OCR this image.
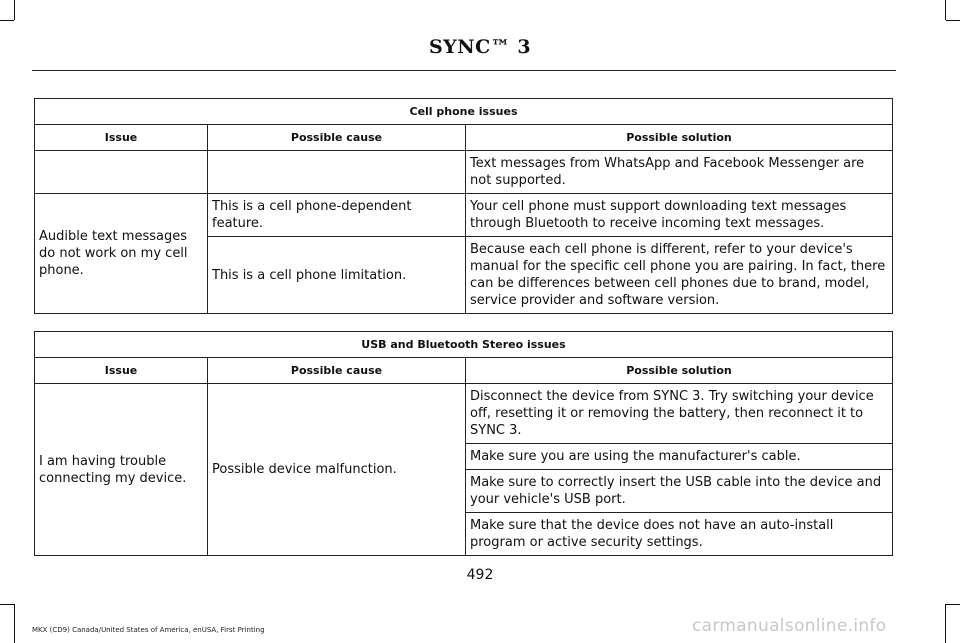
SYNC™ 3
Cell phone issues		
Issue	Possible cause	Possible solution
		Text messages from WhatsApp and Facebook Messenger are not supported.
Audible text messages do not work on my cell phone.	This is a cell phone-dependent feature.	Your cell phone must support downloading text messages through Bluetooth to receive incoming text messages.
	This is a cell phone limitation.	Because each cell phone is different, refer to your device's manual for the specific cell phone you are pairing. In fact, there can be differences between cell phones due to brand, model, service provider and software version.
USB and Bluetooth Stereo issues		
Issue	Possible cause	Possible solution
I am having trouble connecting my device.	Possible device malfunction.	Disconnect the device from SYNC 3. Try switching your device off, resetting it or removing the battery, then reconnect it to SYNC 3.
		Make sure you are using the manufacturer's cable.
		Make sure to correctly insert the USB cable into the device and your vehicle's USB port.
		Make sure that the device does not have an auto-install program or active security settings.
492
MKX (CD9) Canada/United States of America, enUSA, First Printing	carmanualsonline.info
